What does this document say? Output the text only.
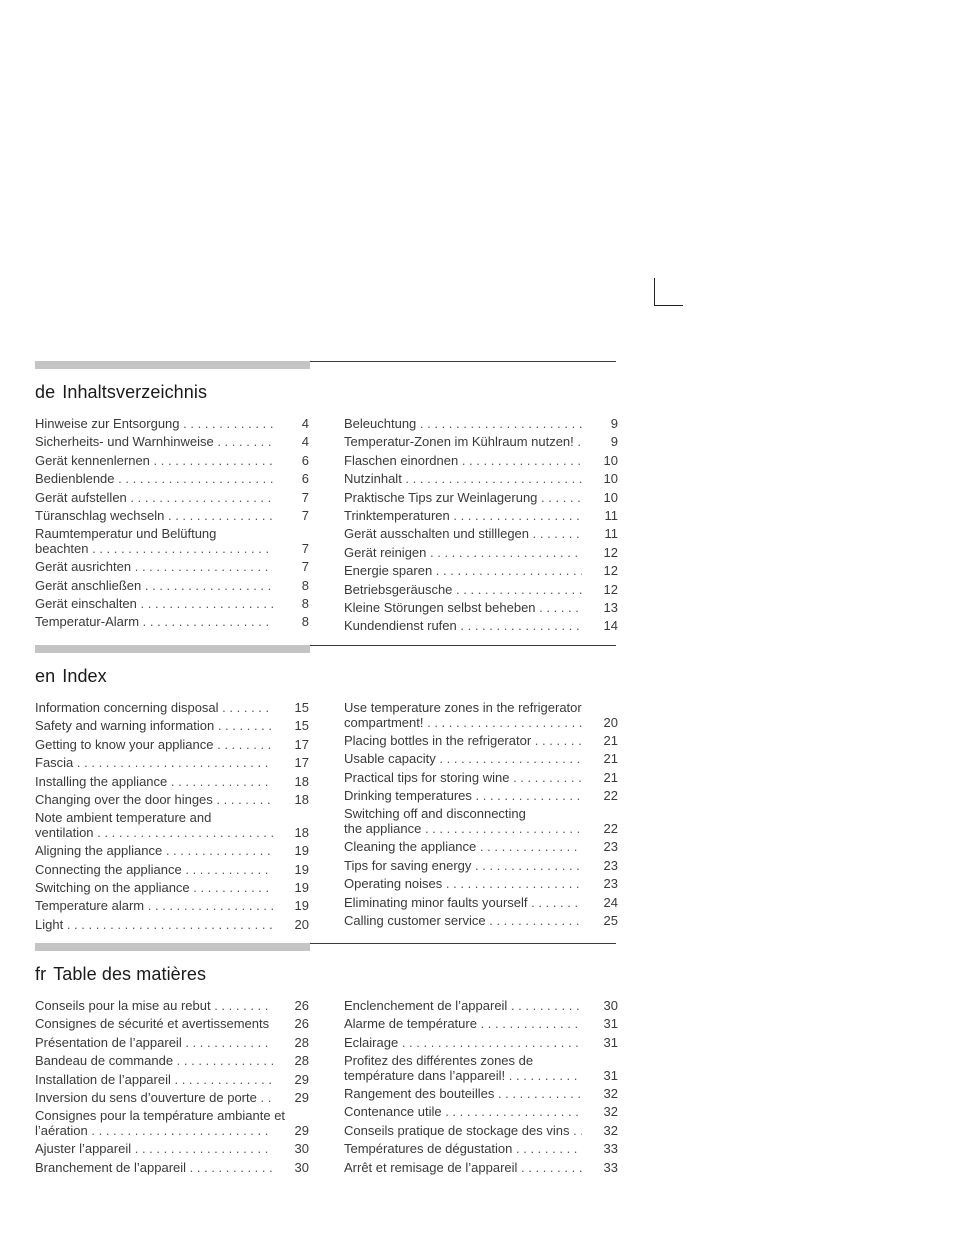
de Inhaltsverzeichnis
Hinweise zur Entsorgung . . .	4
Sicherheits- und Warnhinweise . . .	4
Gerät kennenlernen . . .	6
Bedienblende . . .	6
Gerät aufstellen . . .	7
Türanschlag wechseln . . .	7
Raumtemperatur und Belüftung
beachten . . .	7
Gerät ausrichten . . .	7
Gerät anschließen . . .	8
Gerät einschalten . . .	8
Temperatur-Alarm . . .	8
Beleuchtung . . .	9
Temperatur-Zonen im Kühlraum nutzen! . . .	9
Flaschen einordnen . . .	10
Nutzinhalt . . .	10
Praktische Tips zur Weinlagerung . . .	10
Trinktemperaturen . . .	11
Gerät ausschalten und stilllegen . . .	11
Gerät reinigen . . .	12
Energie sparen . . .	12
Betriebsgeräusche . . .	12
Kleine Störungen selbst beheben . . .	13
Kundendienst rufen . . .	14
en Index
Information concerning disposal . . .	15
Safety and warning information . . .	15
Getting to know your appliance . . .	17
Fascia . . .	17
Installing the appliance . . .	18
Changing over the door hinges . . .	18
Note ambient temperature and
ventilation . . .	18
Aligning the appliance . . .	19
Connecting the appliance . . .	19
Switching on the appliance . . .	19
Temperature alarm . . .	19
Light . . .	20
Use temperature zones in the refrigerator
compartment! . . .	20
Placing bottles in the refrigerator . . .	21
Usable capacity . . .	21
Practical tips for storing wine . . .	21
Drinking temperatures . . .	22
Switching off and disconnecting
the appliance . . .	22
Cleaning the appliance . . .	23
Tips for saving energy . . .	23
Operating noises . . .	23
Eliminating minor faults yourself . . .	24
Calling customer service . . .	25
fr Table des matières
Conseils pour la mise au rebut . . .	26
Consignes de sécurité et avertissements . . . 26
Présentation de l’appareil . . .	28
Bandeau de commande . . .	28
Installation de l’appareil . . .	29
Inversion du sens d’ouverture de porte . . .	29
Consignes pour la température ambiante et
l’aération . . .	29
Ajuster l’appareil . . .	30
Branchement de l’appareil . . .	30
Enclenchement de l’appareil . . .	30
Alarme de température . . .	31
Eclairage . . .	31
Profitez des différentes zones de
température dans l’appareil! . . .	31
Rangement des bouteilles . . .	32
Contenance utile . . .	32
Conseils pratique de stockage des vins . . .	32
Températures de dégustation . . .	33
Arrêt et remisage de l’appareil . . .	33
